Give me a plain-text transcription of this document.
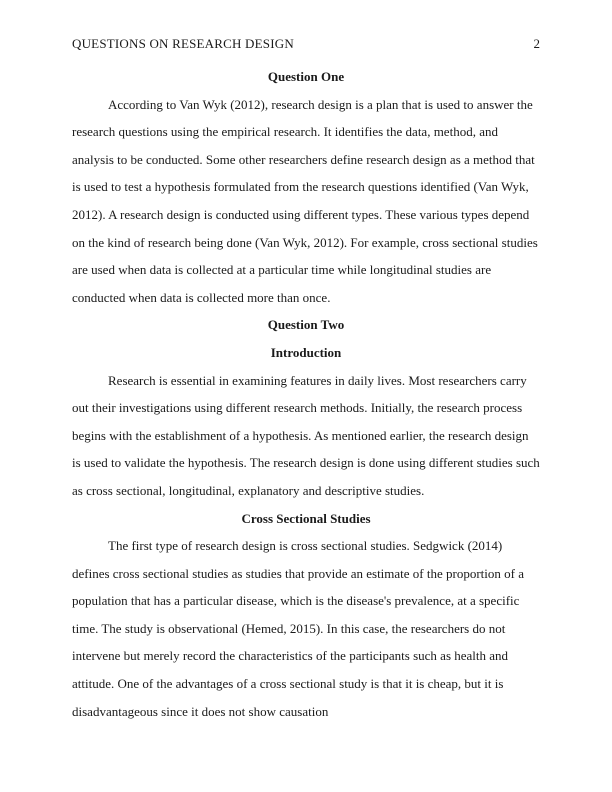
QUESTIONS ON RESEARCH DESIGN	2
Question One

According to Van Wyk (2012), research design is a plan that is used to answer the research questions using the empirical research. It identifies the data, method, and analysis to be conducted. Some other researchers define research design as a method that is used to test a hypothesis formulated from the research questions identified (Van Wyk, 2012). A research design is conducted using different types. These various types depend on the kind of research being done (Van Wyk, 2012). For example, cross sectional studies are used when data is collected at a particular time while longitudinal studies are conducted when data is collected more than once.

Question Two
Introduction

Research is essential in examining features in daily lives. Most researchers carry out their investigations using different research methods. Initially, the research process begins with the establishment of a hypothesis. As mentioned earlier, the research design is used to validate the hypothesis. The research design is done using different studies such as cross sectional, longitudinal, explanatory and descriptive studies.

Cross Sectional Studies

The first type of research design is cross sectional studies. Sedgwick (2014) defines cross sectional studies as studies that provide an estimate of the proportion of a population that has a particular disease, which is the disease's prevalence, at a specific time. The study is observational (Hemed, 2015). In this case, the researchers do not intervene but merely record the characteristics of the participants such as health and attitude. One of the advantages of a cross sectional study is that it is cheap, but it is disadvantageous since it does not show causation
